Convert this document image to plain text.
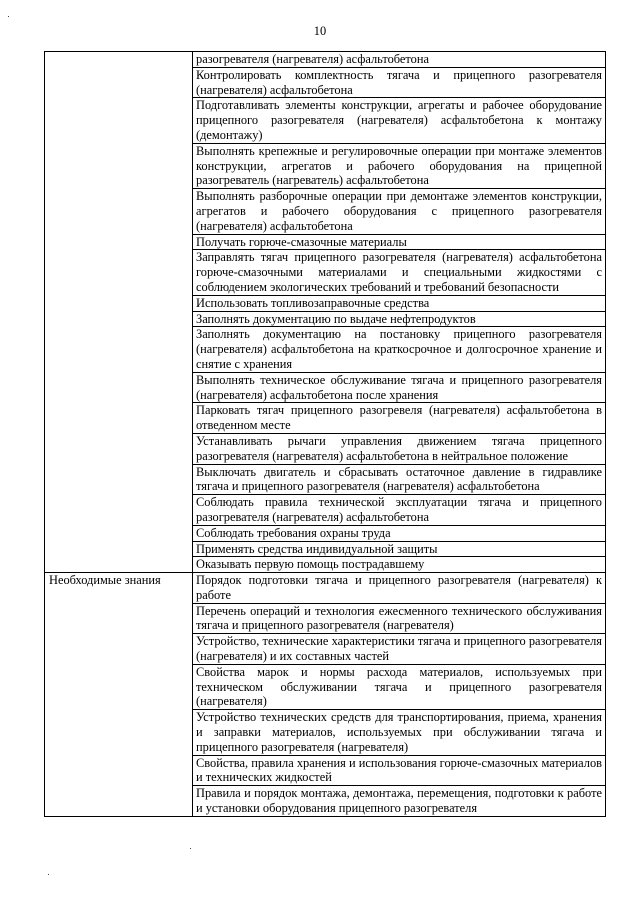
10
	разогревателя (нагревателя) асфальтобетона
	Контролировать комплектность тягача и прицепного разогревателя (нагревателя) асфальтобетона
	Подготавливать элементы конструкции, агрегаты и рабочее оборудование прицепного разогревателя (нагревателя) асфальтобетона к монтажу (демонтажу)
	Выполнять крепежные и регулировочные операции при монтаже элементов конструкции, агрегатов и рабочего оборудования на прицепной разогреватель (нагреватель) асфальтобетона
	Выполнять разборочные операции при демонтаже элементов конструкции, агрегатов и рабочего оборудования с прицепного разогревателя (нагревателя) асфальтобетона
	Получать горюче-смазочные материалы
	Заправлять тягач прицепного разогревателя (нагревателя) асфальтобетона горюче-смазочными материалами и специальными жидкостями с соблюдением экологических требований и требований безопасности
	Использовать топливозаправочные средства
	Заполнять документацию по выдаче нефтепродуктов
	Заполнять документацию на постановку прицепного разогревателя (нагревателя) асфальтобетона на краткосрочное и долгосрочное хранение и снятие с хранения
	Выполнять техническое обслуживание тягача и прицепного разогревателя (нагревателя) асфальтобетона после хранения
	Парковать тягач прицепного разогревеля (нагревателя) асфальтобетона в отведенном месте
	Устанавливать рычаги управления движением тягача прицепного разогревателя (нагревателя) асфальтобетона в нейтральное положение
	Выключать двигатель и сбрасывать остаточное давление в гидравлике тягача и прицепного разогревателя (нагревателя) асфальтобетона
	Соблюдать правила технической эксплуатации тягача и прицепного разогревателя (нагревателя) асфальтобетона
	Соблюдать требования охраны труда
	Применять средства индивидуальной защиты
	Оказывать первую помощь пострадавшему
Необходимые знания	Порядок подготовки тягача и прицепного разогревателя (нагревателя) к работе
	Перечень операций и технология ежесменного технического обслуживания тягача и прицепного разогревателя (нагревателя)
	Устройство, технические характеристики тягача и прицепного разогревателя (нагревателя) и их составных частей
	Свойства марок и нормы расхода материалов, используемых при техническом обслуживании тягача и прицепного разогревателя (нагревателя)
	Устройство технических средств для транспортирования, приема, хранения и заправки материалов, используемых при обслуживании тягача и прицепного разогревателя (нагревателя)
	Свойства, правила хранения и использования горюче-смазочных материалов и технических жидкостей
	Правила и порядок монтажа, демонтажа, перемещения, подготовки к работе и установки оборудования прицепного разогревателя
